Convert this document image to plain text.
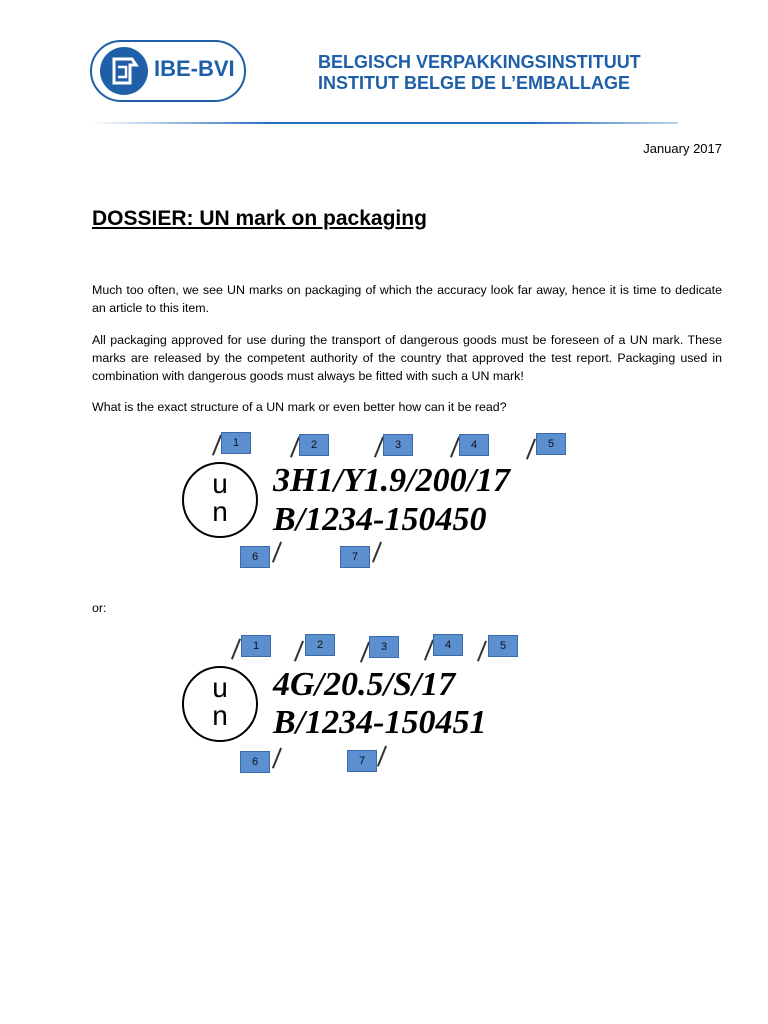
IBE-BVI	BELGISCH VERPAKKINGSINSTITUUT
INSTITUT BELGE DE L’EMBALLAGE
January 2017
DOSSIER: UN mark on packaging
Much too often, we see UN marks on packaging of which the accuracy look far away, hence it is time to dedicate an article to this item.
All packaging approved for use during the transport of dangerous goods must be foreseen of a UN mark. These marks are released by the competent authority of the country that approved the test report. Packaging used in combination with dangerous goods must always be fitted with such a UN mark!
What is the exact structure of a UN mark or even better how can it be read?
1	2	3	4	5
u
n
3H1/Y1.9/200/17
B/1234-150450
6	7
or:
1	2	3	4	5
u
n
4G/20.5/S/17
B/1234-150451
6	7
